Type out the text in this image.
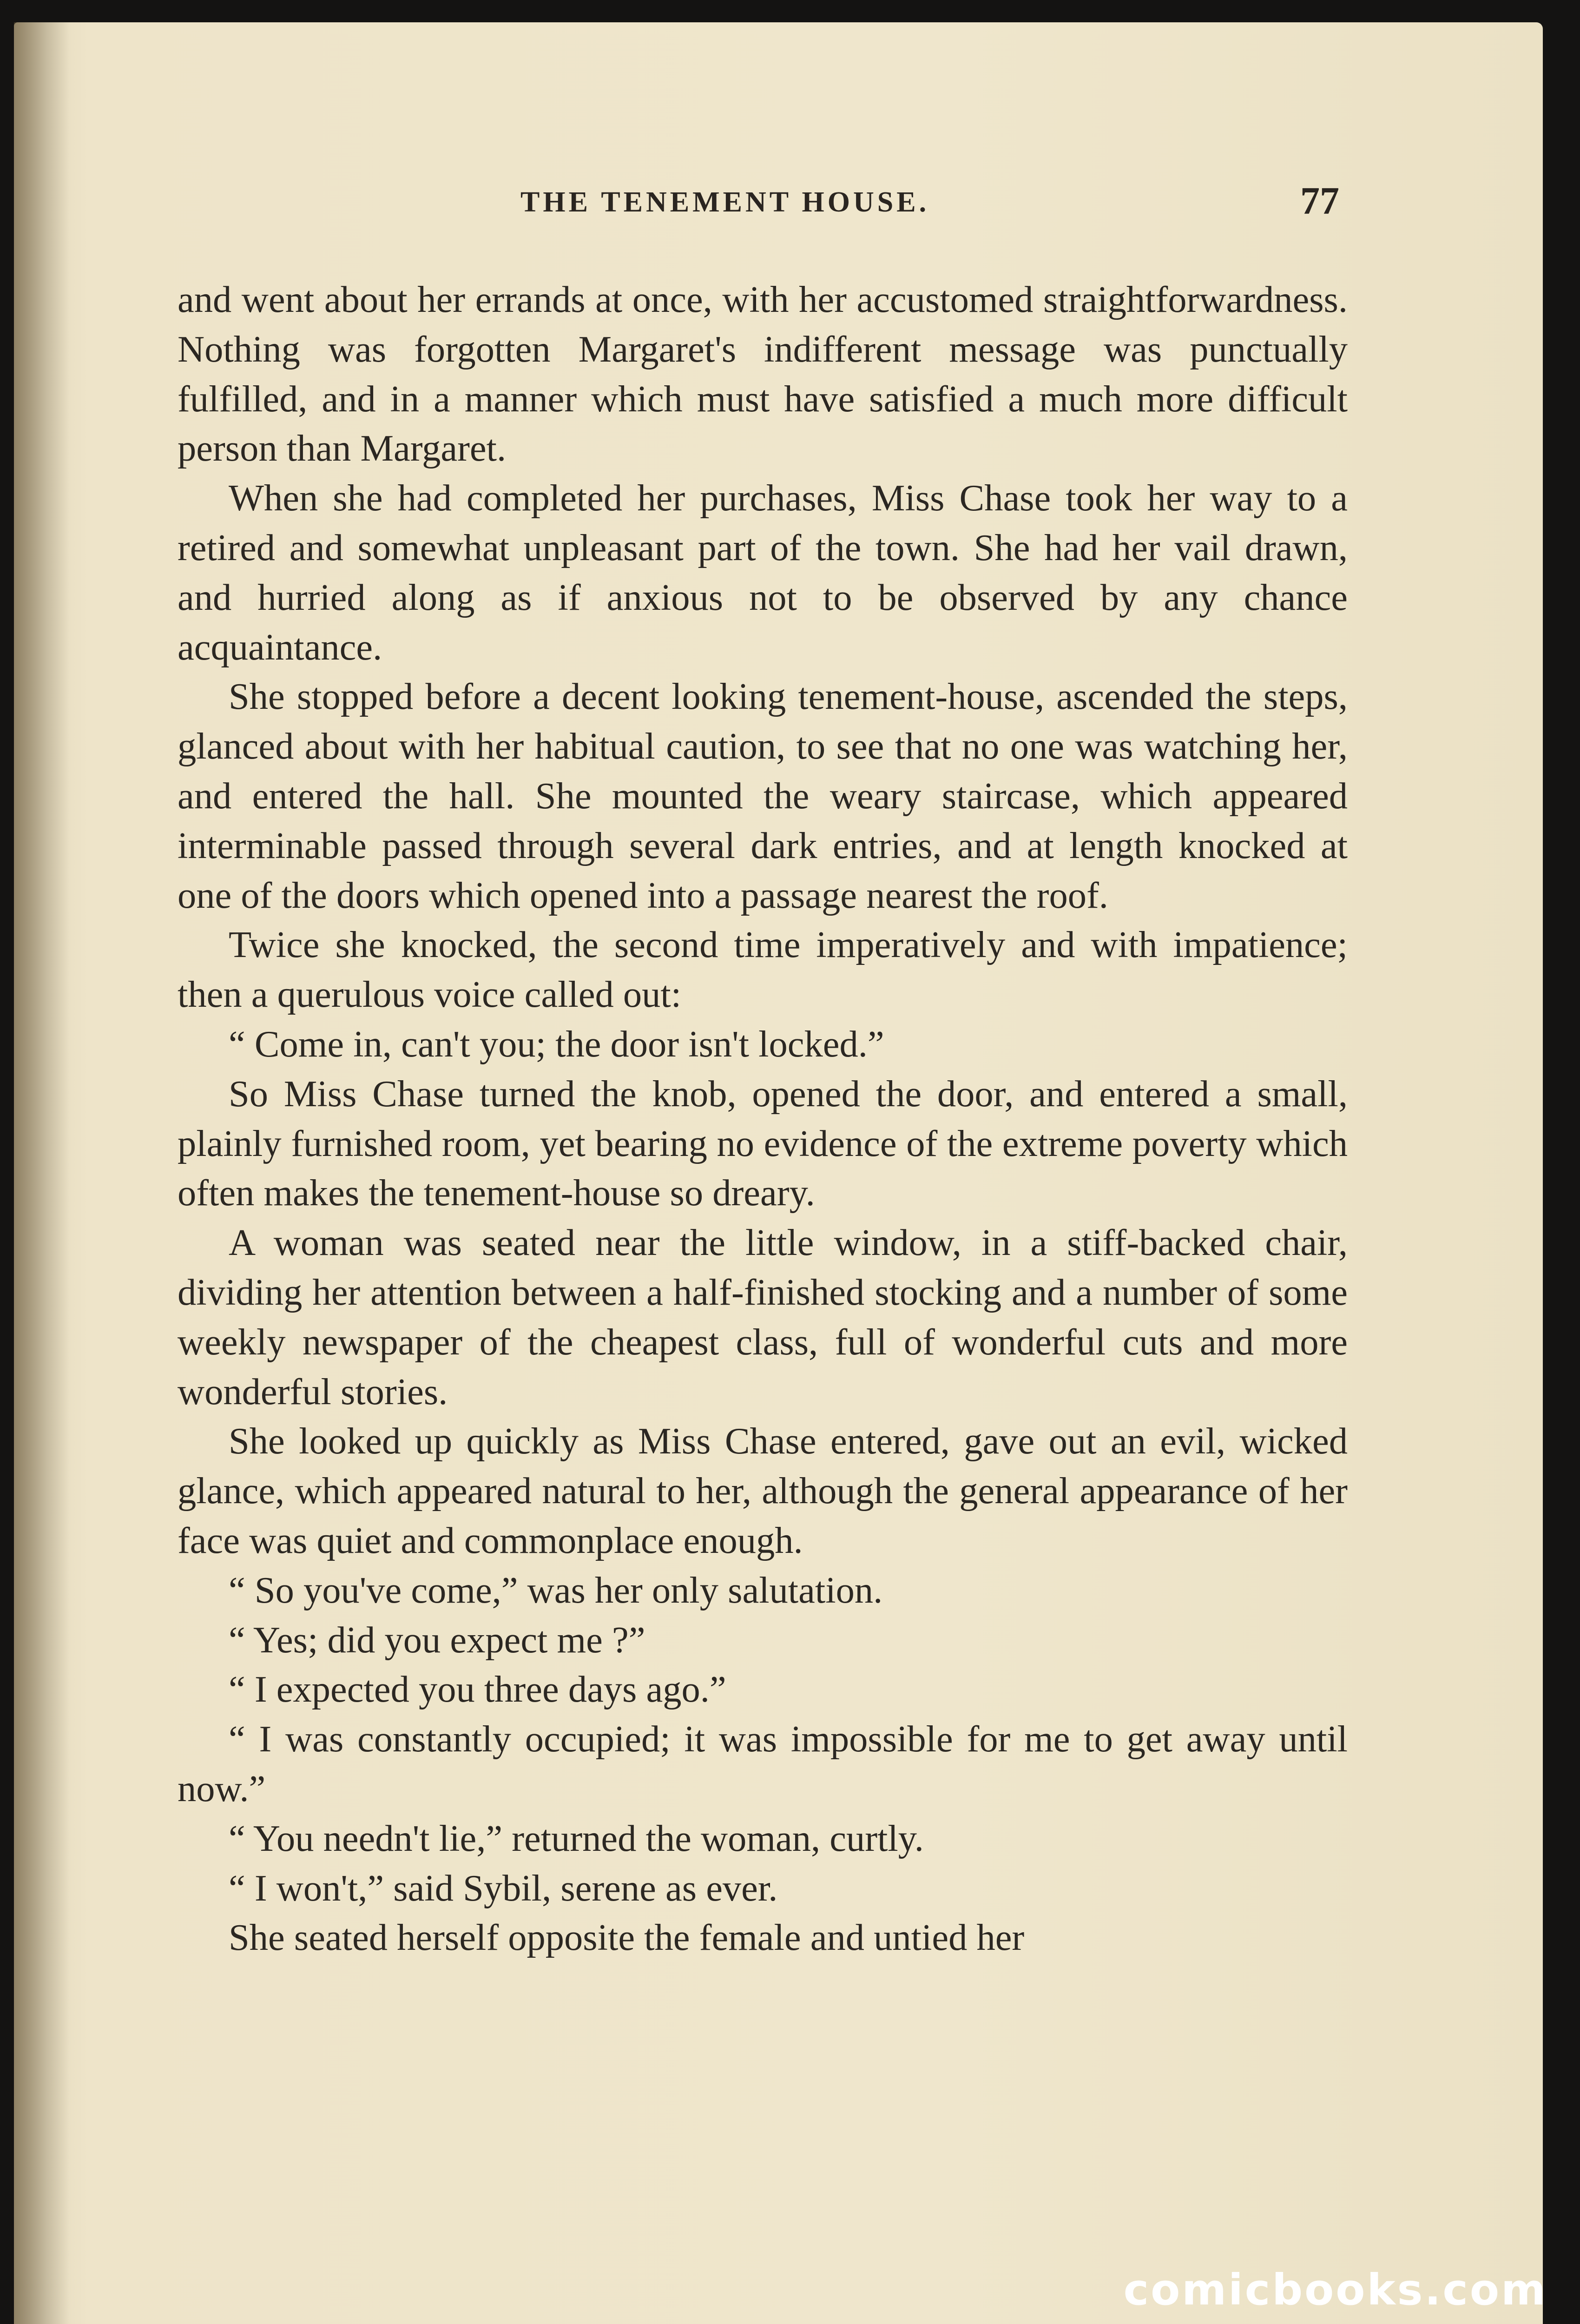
THE TENEMENT HOUSE.	77

and went about her errands at once, with her accustomed straightforwardness. Nothing was forgotten Margaret's indifferent message was punctually fulfilled, and in a manner which must have satisfied a much more difficult person than Margaret.

When she had completed her purchases, Miss Chase took her way to a retired and somewhat unpleasant part of the town. She had her vail drawn, and hurried along as if anxious not to be observed by any chance acquaintance.

She stopped before a decent looking tenement-house, ascended the steps, glanced about with her habitual caution, to see that no one was watching her, and entered the hall. She mounted the weary staircase, which appeared interminable passed through several dark entries, and at length knocked at one of the doors which opened into a passage nearest the roof.

Twice she knocked, the second time imperatively and with impatience; then a querulous voice called out:

“ Come in, can't you; the door isn't locked.”

So Miss Chase turned the knob, opened the door, and entered a small, plainly furnished room, yet bearing no evidence of the extreme poverty which often makes the tenement-house so dreary.

A woman was seated near the little window, in a stiff-backed chair, dividing her attention between a half-finished stocking and a number of some weekly newspaper of the cheapest class, full of wonderful cuts and more wonderful stories.

She looked up quickly as Miss Chase entered, gave out an evil, wicked glance, which appeared natural to her, although the general appearance of her face was quiet and commonplace enough.

“ So you've come,” was her only salutation.

“ Yes; did you expect me ?”

“ I expected you three days ago.”

“ I was constantly occupied; it was impossible for me to get away until now.”

“ You needn't lie,” returned the woman, curtly.

“ I won't,” said Sybil, serene as ever.

She seated herself opposite the female and untied her

comicbooks.com
